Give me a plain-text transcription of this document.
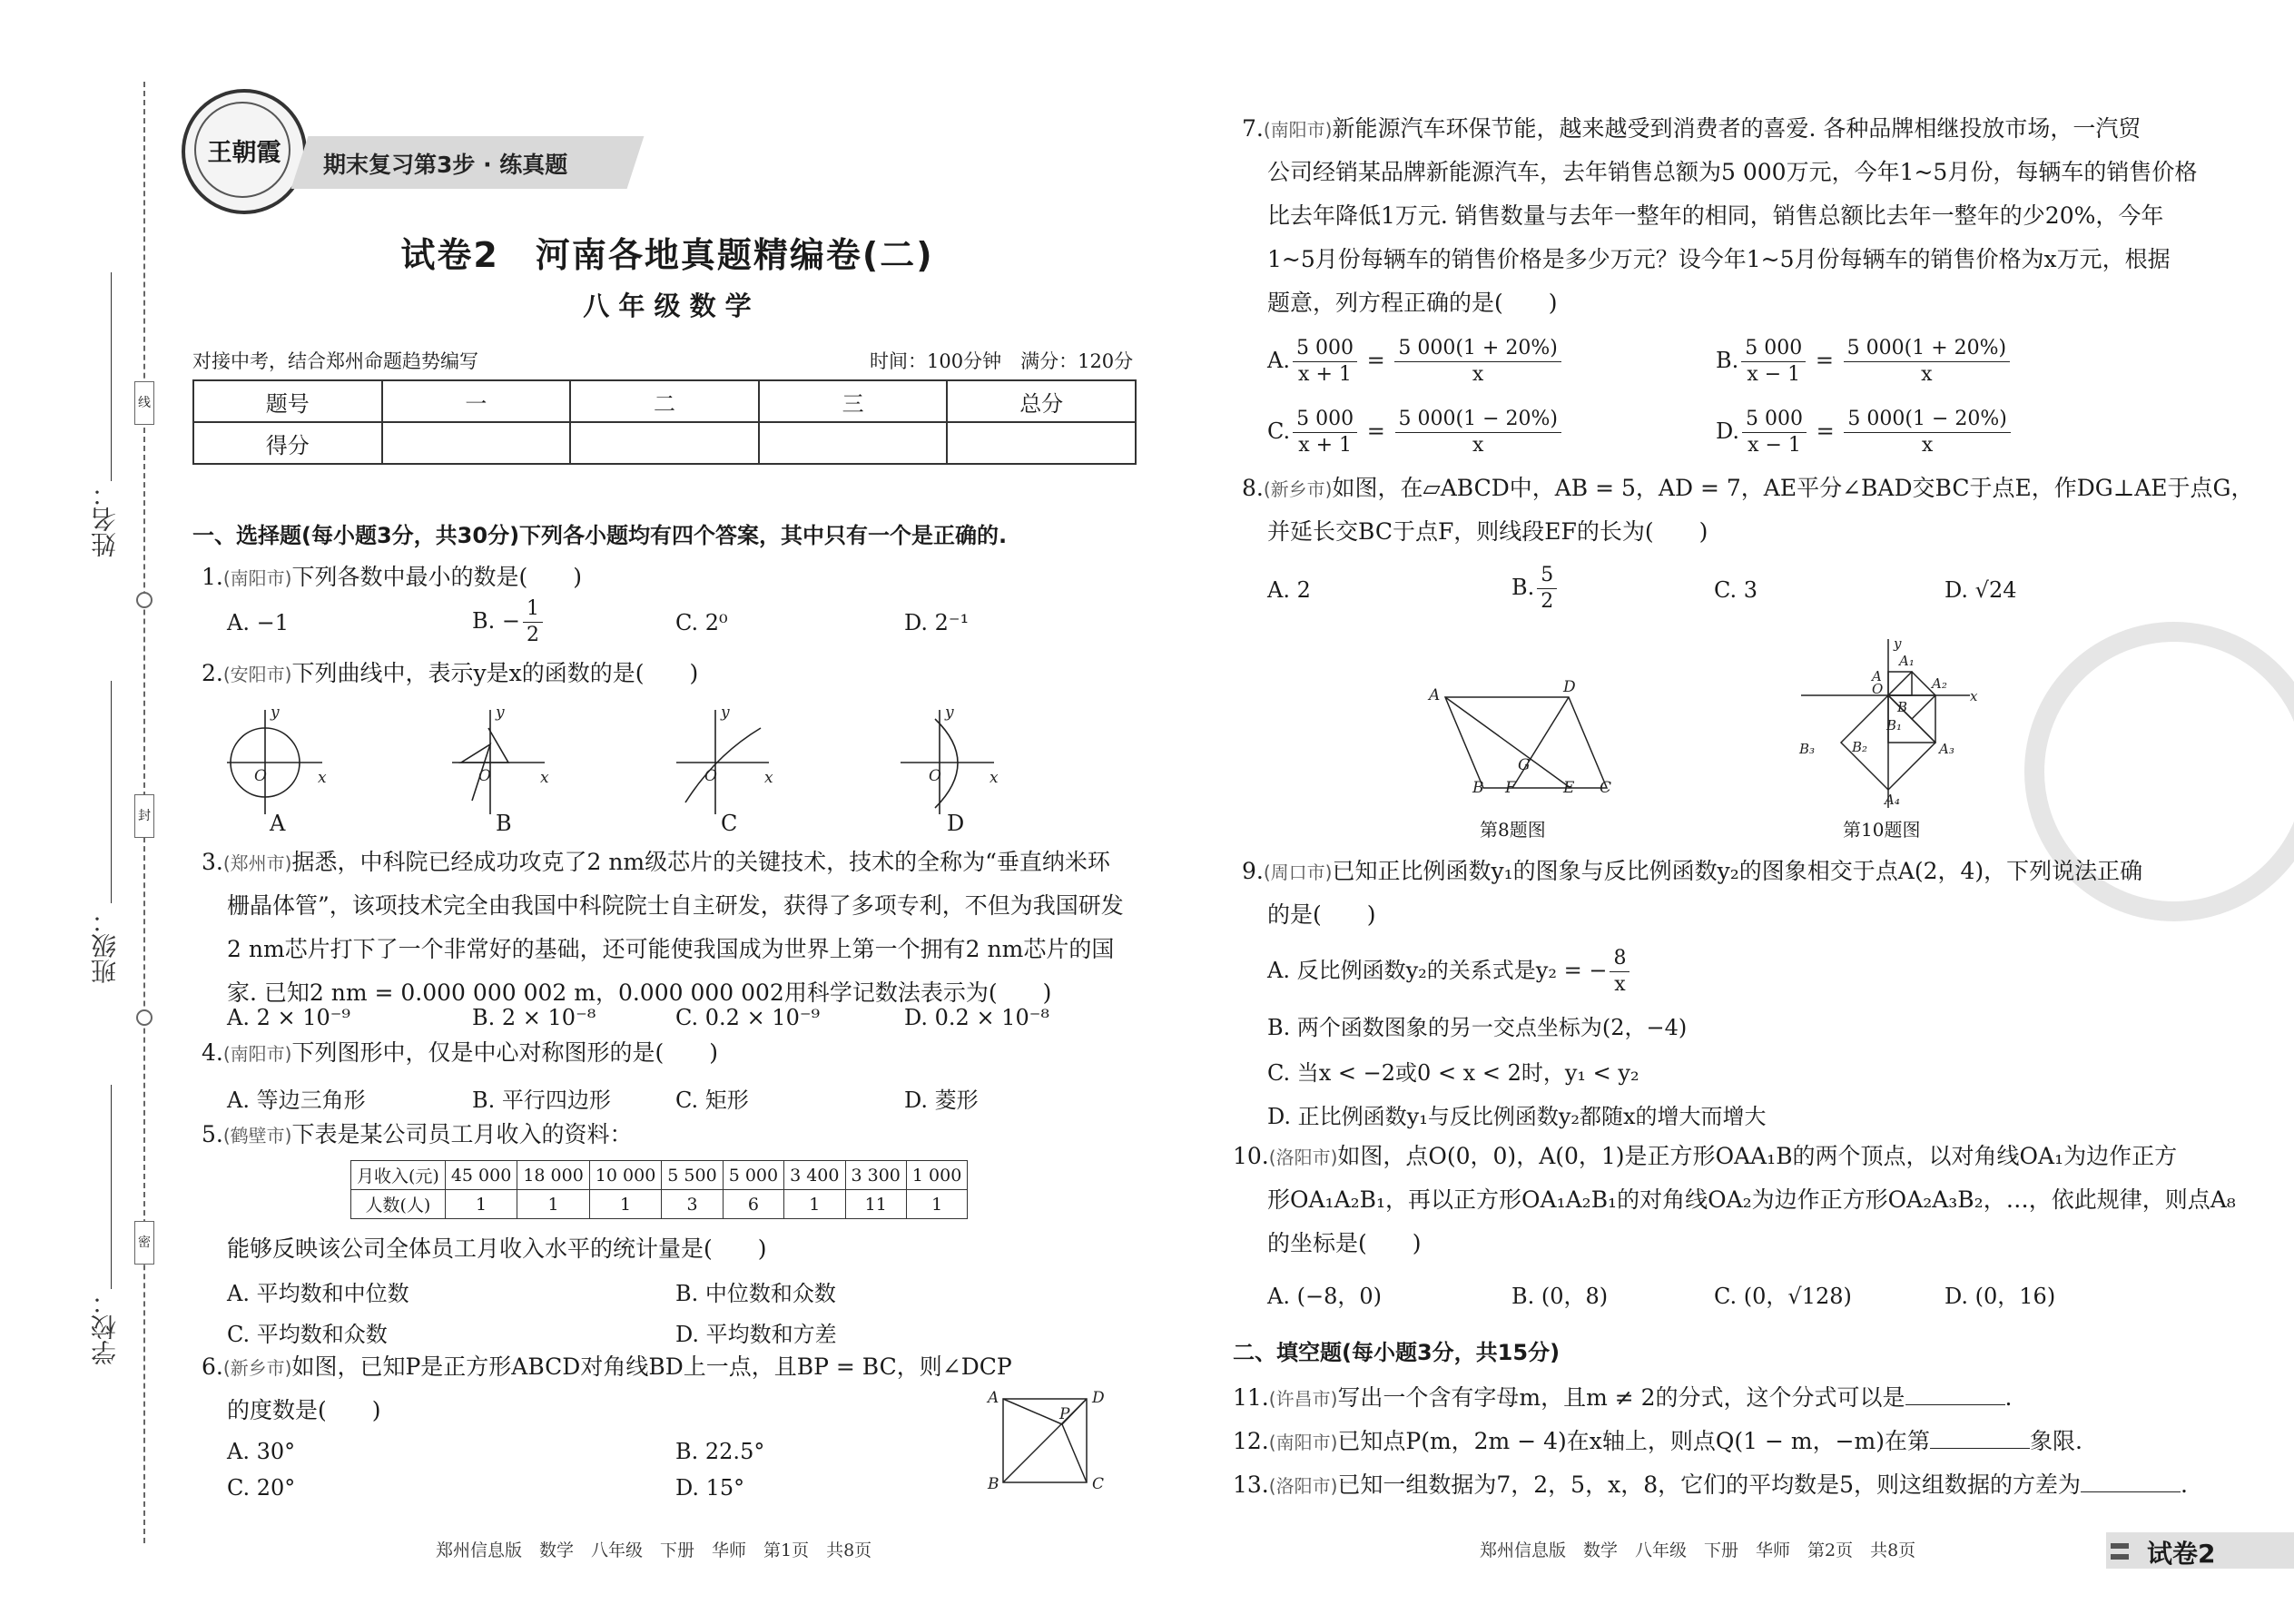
线
封
密
姓名：
班级：
学校：
王朝霞	期末复习第3步 · 练真题
试卷2　河南各地真题精编卷(二)
八 年 级 数 学
对接中考，结合郑州命题趋势编写	时间：100分钟　满分：120分
题号	一	二	三	总分
得分				
一、选择题(每小题3分，共30分)下列各小题均有四个答案，其中只有一个是正确的.
1.(南阳市)下列各数中最小的数是(　　)
A. −1	B. − $\frac{1}{2}$	C. 2⁰	D. 2⁻¹
2.(安阳市)下列曲线中，表示y是x的函数的是(　　)
y
x
O
y
x
O
y
x
O
y
x
O
A	B	C	D
3.(郑州市)据悉，中科院已经成功攻克了2 nm级芯片的关键技术，技术的全称为“垂直纳米环
栅晶体管”，该项技术完全由我国中科院院士自主研发，获得了多项专利，不但为我国研发
2 nm芯片打下了一个非常好的基础，还可能使我国成为世界上第一个拥有2 nm芯片的国
家. 已知2 nm = 0.000 000 002 m，0.000 000 002用科学记数法表示为(　　)
A. 2 × 10⁻⁹	B. 2 × 10⁻⁸	C. 0.2 × 10⁻⁹	D. 0.2 × 10⁻⁸
4.(南阳市)下列图形中，仅是中心对称图形的是(　　)
A. 等边三角形	B. 平行四边形	C. 矩形	D. 菱形
5.(鹤壁市)下表是某公司员工月收入的资料：
月收入(元)	45 000	18 000	10 000	5 500	5 000	3 400	3 300	1 000
人数(人)	1	1	1	3	6	1	11	1
能够反映该公司全体员工月收入水平的统计量是(　　)
A. 平均数和中位数	B. 中位数和众数
C. 平均数和众数	D. 平均数和方差
6.(新乡市)如图，已知P是正方形ABCD对角线BD上一点，且BP = BC，则∠DCP
的度数是(　　)
A. 30°	B. 22.5°
C. 20°	D. 15°
A	D
P
B	C
郑州信息版　数学　八年级　下册　华师　第1页　共8页
7.(南阳市)新能源汽车环保节能，越来越受到消费者的喜爱. 各种品牌相继投放市场，一汽贸
公司经销某品牌新能源汽车，去年销售总额为5 000万元，今年1~5月份，每辆车的销售价格
比去年降低1万元. 销售数量与去年一整年的相同，销售总额比去年一整年的少20%，今年
1~5月份每辆车的销售价格是多少万元？设今年1~5月份每辆车的销售价格为x万元，根据
题意，列方程正确的是(　　)
A. $\frac{5 000}{x + 1} = \frac{5 000(1 + 20\%)}{x}$	B. $\frac{5 000}{x - 1} = \frac{5 000(1 + 20\%)}{x}$
C. $\frac{5 000}{x + 1} = \frac{5 000(1 - 20\%)}{x}$	D. $\frac{5 000}{x - 1} = \frac{5 000(1 - 20\%)}{x}$
8.(新乡市)如图，在▱ABCD中，AB = 5，AD = 7，AE平分∠BAD交BC于点E，作DG⊥AE于点G，
并延长交BC于点F，则线段EF的长为(　　)
A. 2	B. $\frac{5}{2}$	C. 3	D. √24
A	D
G
B F	E C
第8题图
y
x
A
O
A₁
A₂
B
B₁
B₂	A₃
B₃
A₄
第10题图
9.(周口市)已知正比例函数y₁的图象与反比例函数y₂的图象相交于点A(2，4)，下列说法正确
的是(　　)
A. 反比例函数y₂的关系式是y₂ = − $\frac{8}{x}$
B. 两个函数图象的另一交点坐标为(2，−4)
C. 当x < −2或0 < x < 2时，y₁ < y₂
D. 正比例函数y₁与反比例函数y₂都随x的增大而增大
10.(洛阳市)如图，点O(0，0)，A(0，1)是正方形OAA₁B的两个顶点，以对角线OA₁为边作正方
形OA₁A₂B₁，再以正方形OA₁A₂B₁的对角线OA₂为边作正方形OA₂A₃B₂，…，依此规律，则点A₈
的坐标是(　　)
A. (−8，0)	B. (0，8)	C. (0，√128)	D. (0，16)
二、填空题(每小题3分，共15分)
11.(许昌市)写出一个含有字母m，且m ≠ 2的分式，这个分式可以是	.
12.(南阳市)已知点P(m，2m − 4)在x轴上，则点Q(1 − m，−m)在第	象限.
13.(洛阳市)已知一组数据为7，2，5，x，8，它们的平均数是5，则这组数据的方差为	.
郑州信息版　数学　八年级　下册　华师　第2页　共8页	试卷2
